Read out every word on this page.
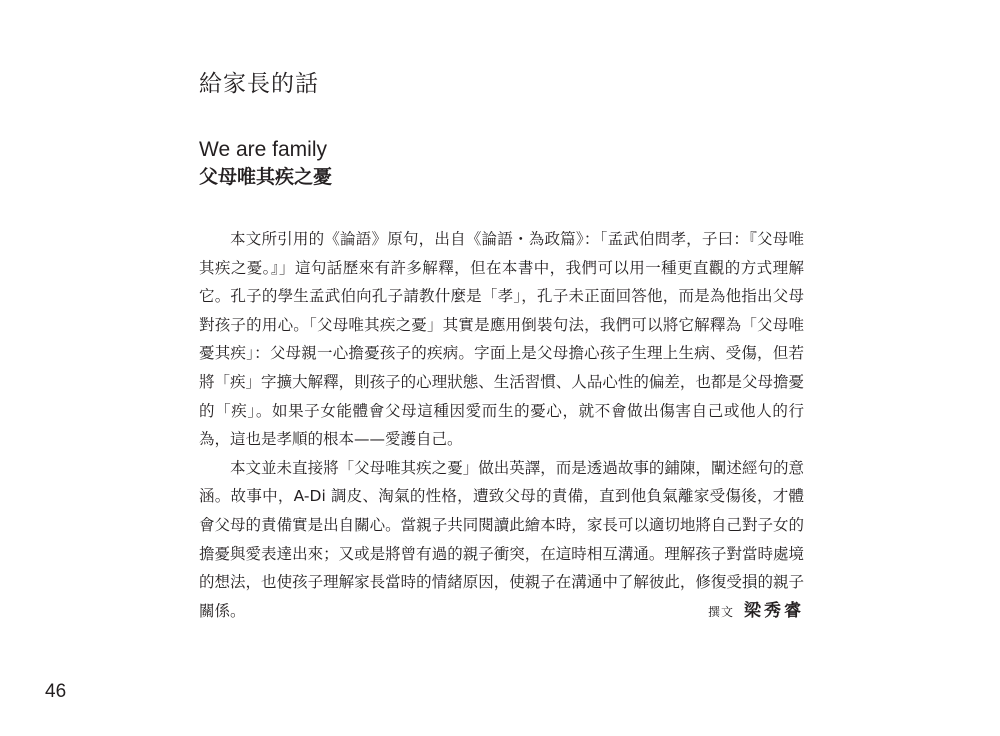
給家長的話
We are family
父母唯其疾之憂

本文所引用的《論語》原句，出自《論語・為政篇》：「孟武伯問孝，子曰：『父母唯其疾之憂。』」這句話歷來有許多解釋，但在本書中，我們可以用一種更直觀的方式理解它。孔子的學生孟武伯向孔子請教什麼是「孝」，孔子未正面回答他，而是為他指出父母對孩子的用心。「父母唯其疾之憂」其實是應用倒裝句法，我們可以將它解釋為「父母唯憂其疾」：父母親一心擔憂孩子的疾病。字面上是父母擔心孩子生理上生病、受傷，但若將「疾」字擴大解釋，則孩子的心理狀態、生活習慣、人品心性的偏差，也都是父母擔憂的「疾」。如果子女能體會父母這種因愛而生的憂心，就不會做出傷害自己或他人的行為，這也是孝順的根本——愛護自己。

本文並未直接將「父母唯其疾之憂」做出英譯，而是透過故事的鋪陳，闡述經句的意涵。故事中，A-Di 調皮、淘氣的性格，遭致父母的責備，直到他負氣離家受傷後，才體會父母的責備實是出自關心。當親子共同閱讀此繪本時，家長可以適切地將自己對子女的擔憂與愛表達出來；又或是將曾有過的親子衝突，在這時相互溝通。理解孩子對當時處境的想法，也使孩子理解家長當時的情緒原因，使親子在溝通中了解彼此，修復受損的親子關係。	撰文 梁秀睿

46
